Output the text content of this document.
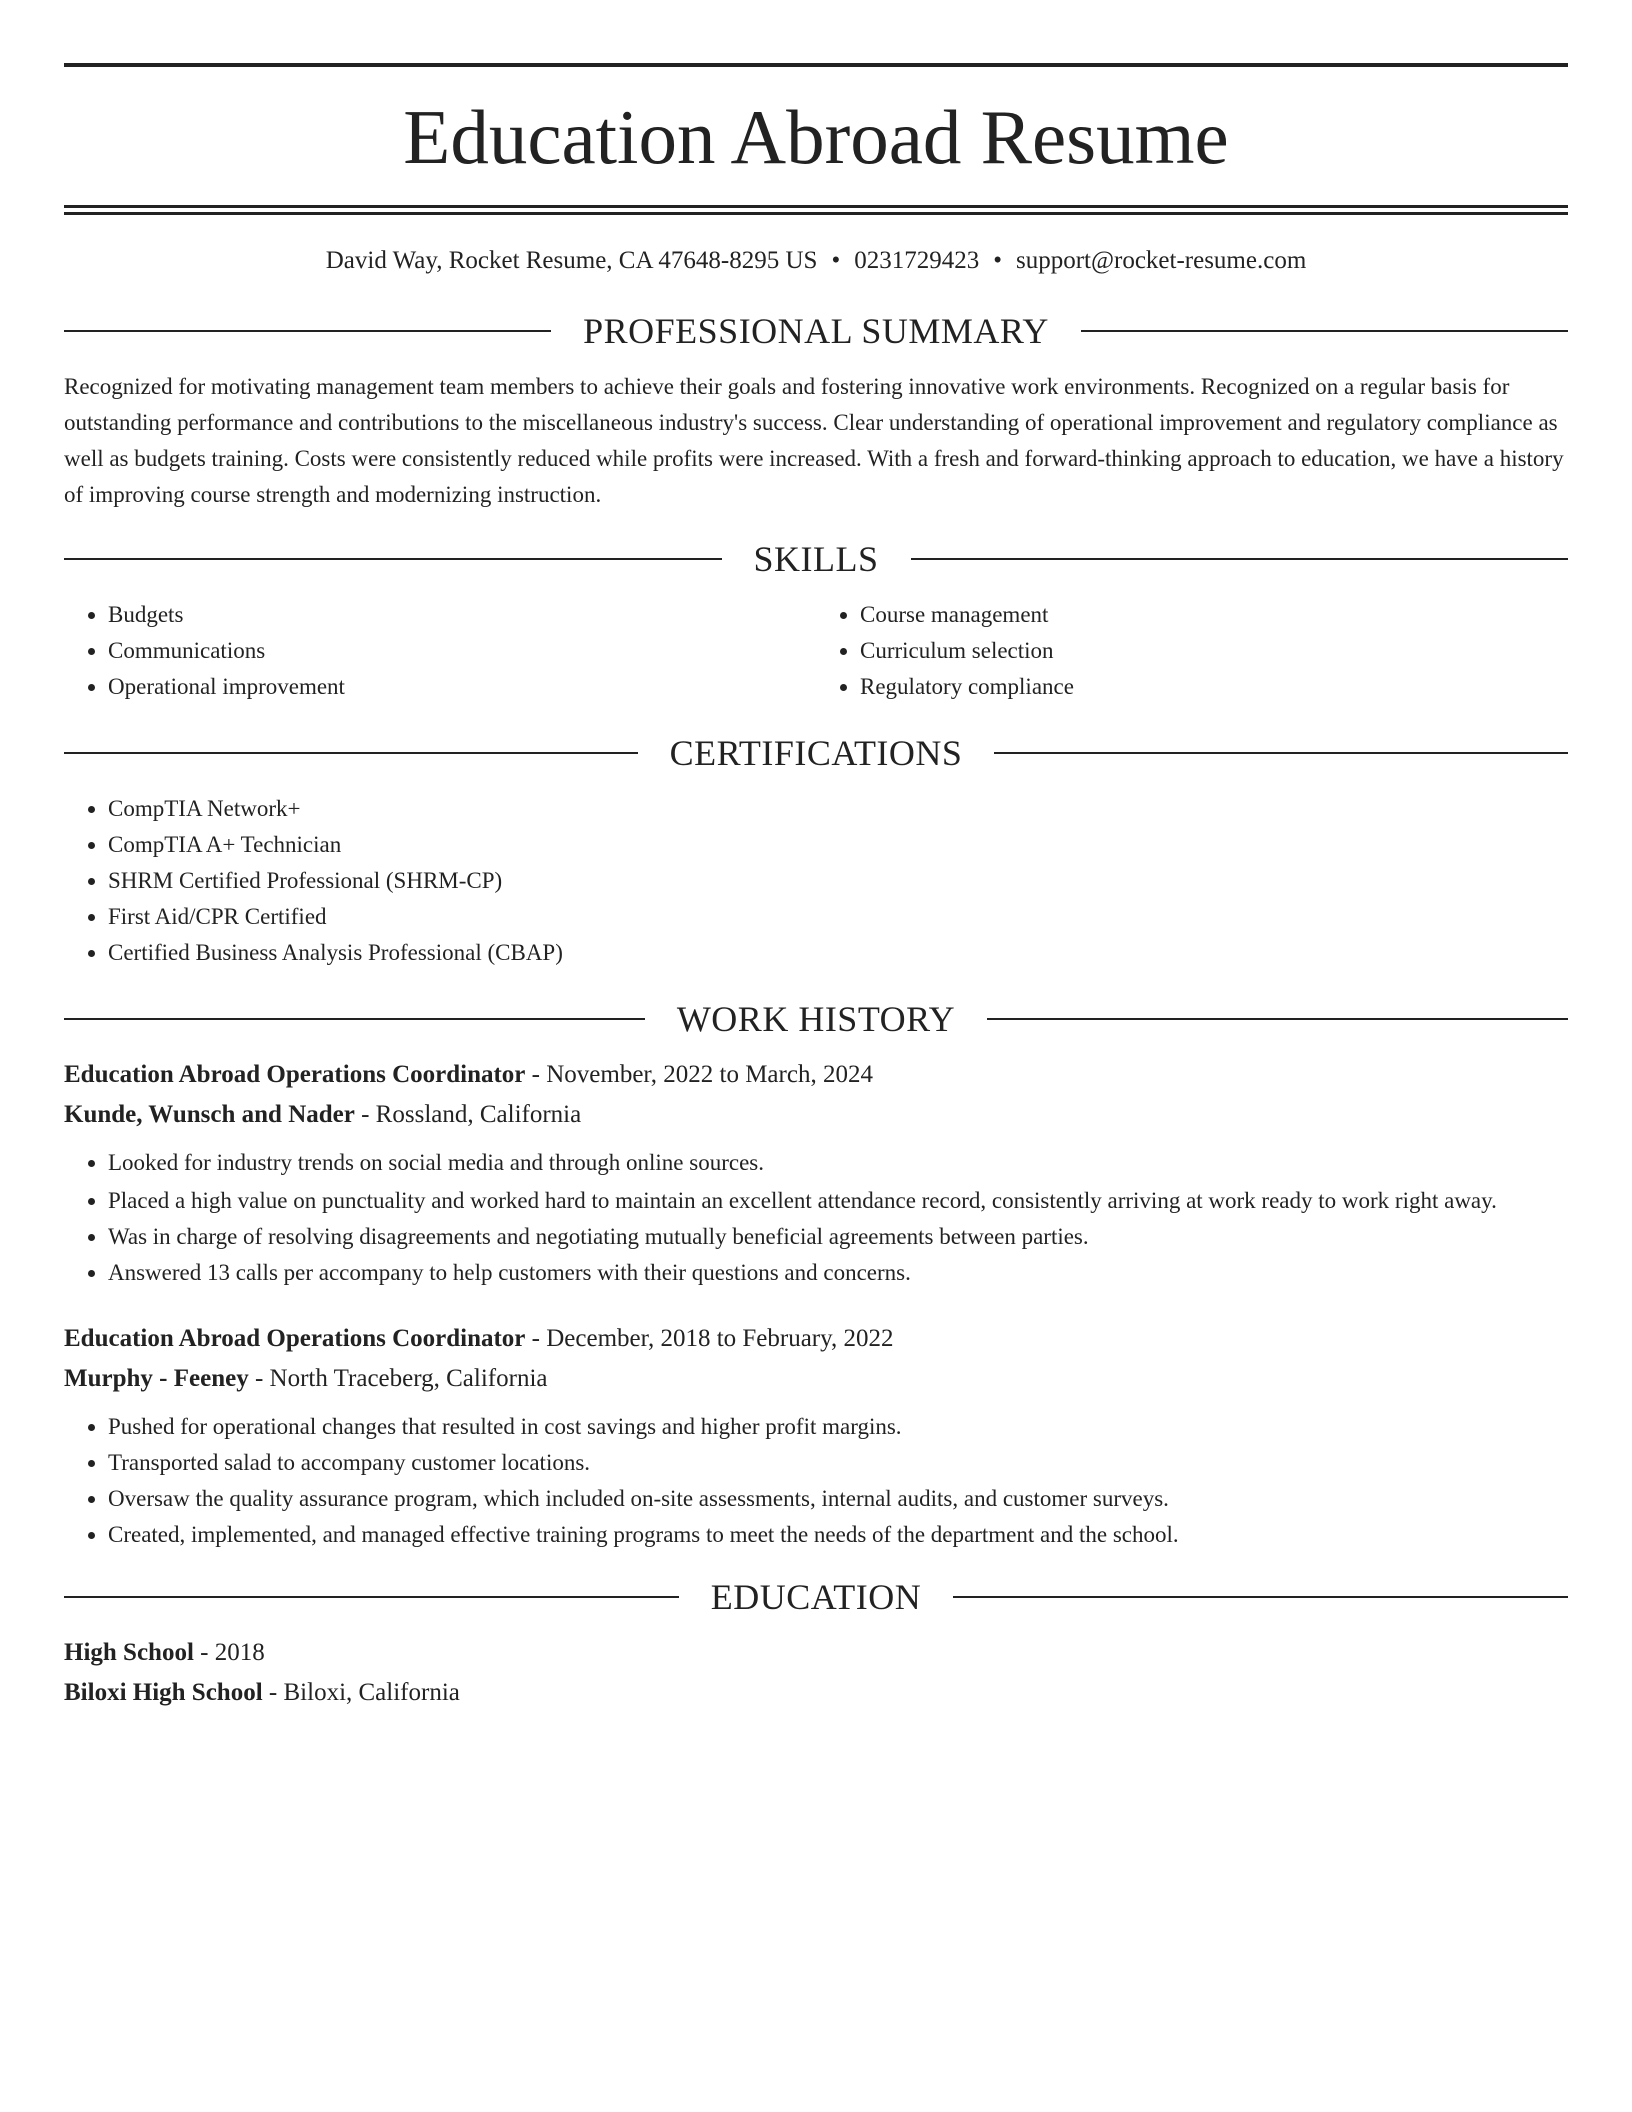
Education Abroad Resume
David Way, Rocket Resume, CA 47648-8295 US • 0231729423 • support@rocket-resume.com
PROFESSIONAL SUMMARY
Recognized for motivating management team members to achieve their goals and fostering innovative work environments. Recognized on a regular basis for outstanding performance and contributions to the miscellaneous industry's success. Clear understanding of operational improvement and regulatory compliance as well as budgets training. Costs were consistently reduced while profits were increased. With a fresh and forward-thinking approach to education, we have a history of improving course strength and modernizing instruction.
SKILLS
• Budgets
• Communications
• Operational improvement
• Course management
• Curriculum selection
• Regulatory compliance
CERTIFICATIONS
• CompTIA Network+
• CompTIA A+ Technician
• SHRM Certified Professional (SHRM-CP)
• First Aid/CPR Certified
• Certified Business Analysis Professional (CBAP)
WORK HISTORY
Education Abroad Operations Coordinator - November, 2022 to March, 2024
Kunde, Wunsch and Nader - Rossland, California
• Looked for industry trends on social media and through online sources.
• Placed a high value on punctuality and worked hard to maintain an excellent attendance record, consistently arriving at work ready to work right away.
• Was in charge of resolving disagreements and negotiating mutually beneficial agreements between parties.
• Answered 13 calls per accompany to help customers with their questions and concerns.
Education Abroad Operations Coordinator - December, 2018 to February, 2022
Murphy - Feeney - North Traceberg, California
• Pushed for operational changes that resulted in cost savings and higher profit margins.
• Transported salad to accompany customer locations.
• Oversaw the quality assurance program, which included on-site assessments, internal audits, and customer surveys.
• Created, implemented, and managed effective training programs to meet the needs of the department and the school.
EDUCATION
High School - 2018
Biloxi High School - Biloxi, California
